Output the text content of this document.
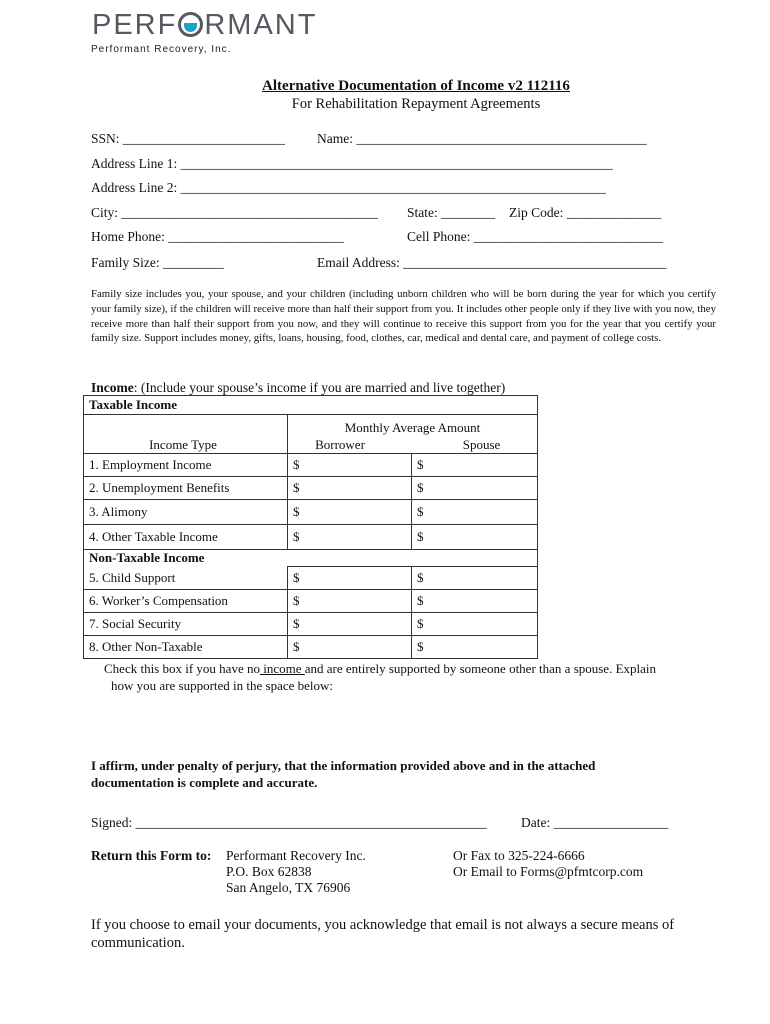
PERF RMANT
Performant Recovery, Inc.
Alternative Documentation of Income v2 112116
For Rehabilitation Repayment Agreements
SSN: ________________________ Name: ___________________________________________
Address Line 1: ________________________________________________________________
Address Line 2: _______________________________________________________________
City: ______________________________________ State: ________ Zip Code: ______________
Home Phone: __________________________	Cell Phone: ____________________________
Family Size: _________	Email Address: _______________________________________
Family size includes you, your spouse, and your children (including unborn children who will be born during the year for which you certify your family size), if the children will receive more than half their support from you. It includes other people only if they live with you now, they receive more than half their support from you now, and they will continue to receive this support from you for the year that you certify your family size. Support includes money, gifts, loans, housing, food, clothes, car, medical and dental care, and payment of college costs.
Income: (Include your spouse’s income if you are married and live together)
Taxable Income		
Income Type	Monthly Average Amount
Borrower Spouse	

1. Employment Income	$	$
2. Unemployment Benefits	$	$
3. Alimony	$	$
4. Other Taxable Income	$	$
Non-Taxable Income		
5. Child Support	$	$
6. Worker’s Compensation	$	$
7. Social Security	$	$
8. Other Non-Taxable	$	$
Check this box if you have no income and are entirely supported by someone other than a spouse. Explain
how you are supported in the space below:
I affirm, under penalty of perjury, that the information provided above and in the attached
documentation is complete and accurate.
Signed: ____________________________________________________	Date: _________________
Return this Form to: Performant Recovery Inc.
P.O. Box 62838
San Angelo, TX 76906
Or Fax to 325-224-6666
Or Email to Forms@pfmtcorp.com
If you choose to email your documents, you acknowledge that email is not always a secure means of
communication.
